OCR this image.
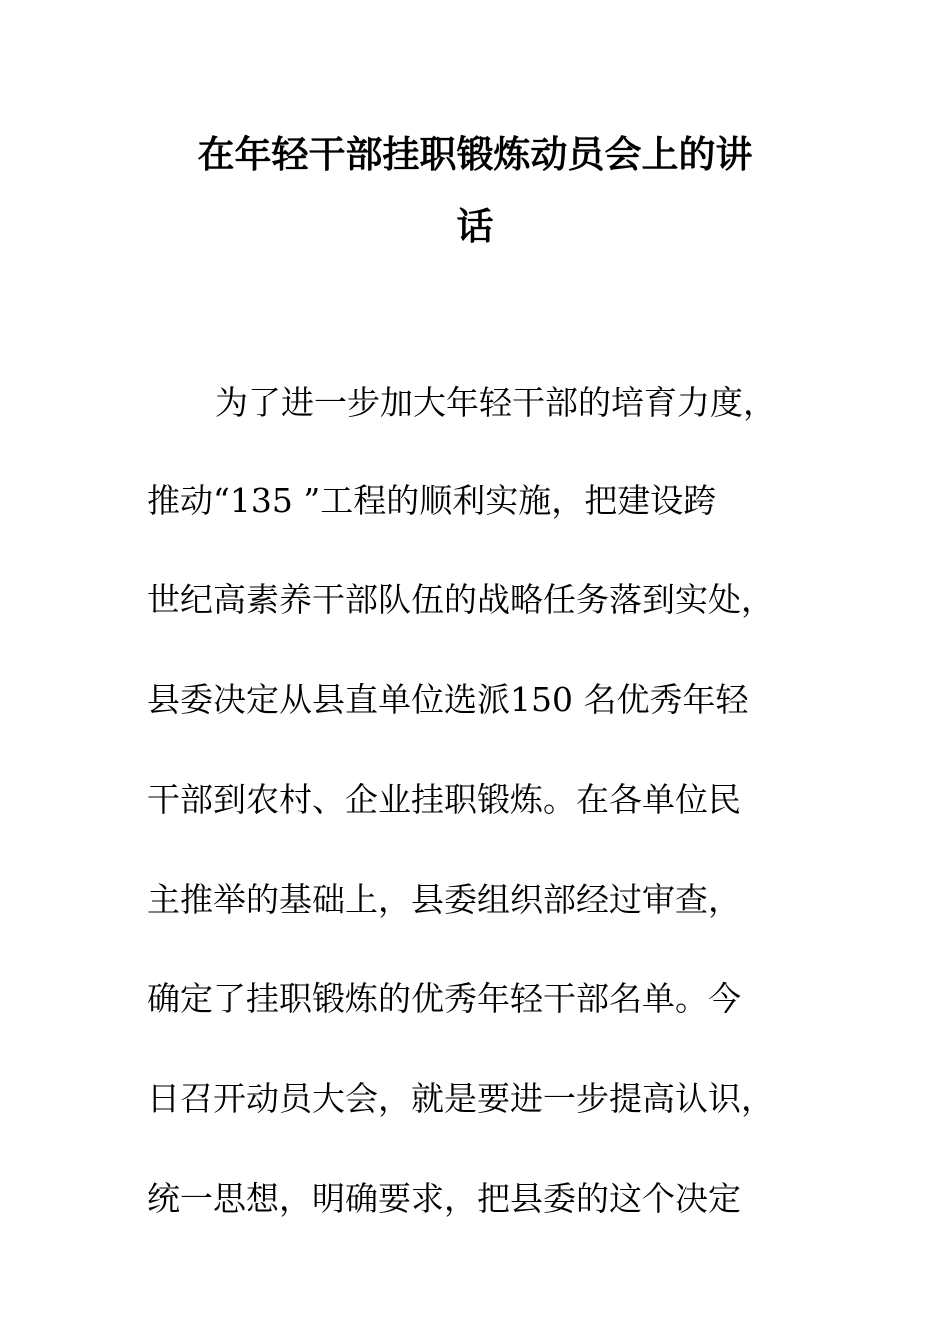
在年轻干部挂职锻炼动员会上的讲
话
为了进一步加大年轻干部的培育力度，
推动“135 ”工程的顺利实施，把建设跨
世纪高素养干部队伍的战略任务落到实处，
县委决定从县直单位选派150 名优秀年轻
干部到农村、企业挂职锻炼。在各单位民
主推举的基础上，县委组织部经过审查，
确定了挂职锻炼的优秀年轻干部名单。今
日召开动员大会，就是要进一步提高认识，
统一思想，明确要求，把县委的这个决定
